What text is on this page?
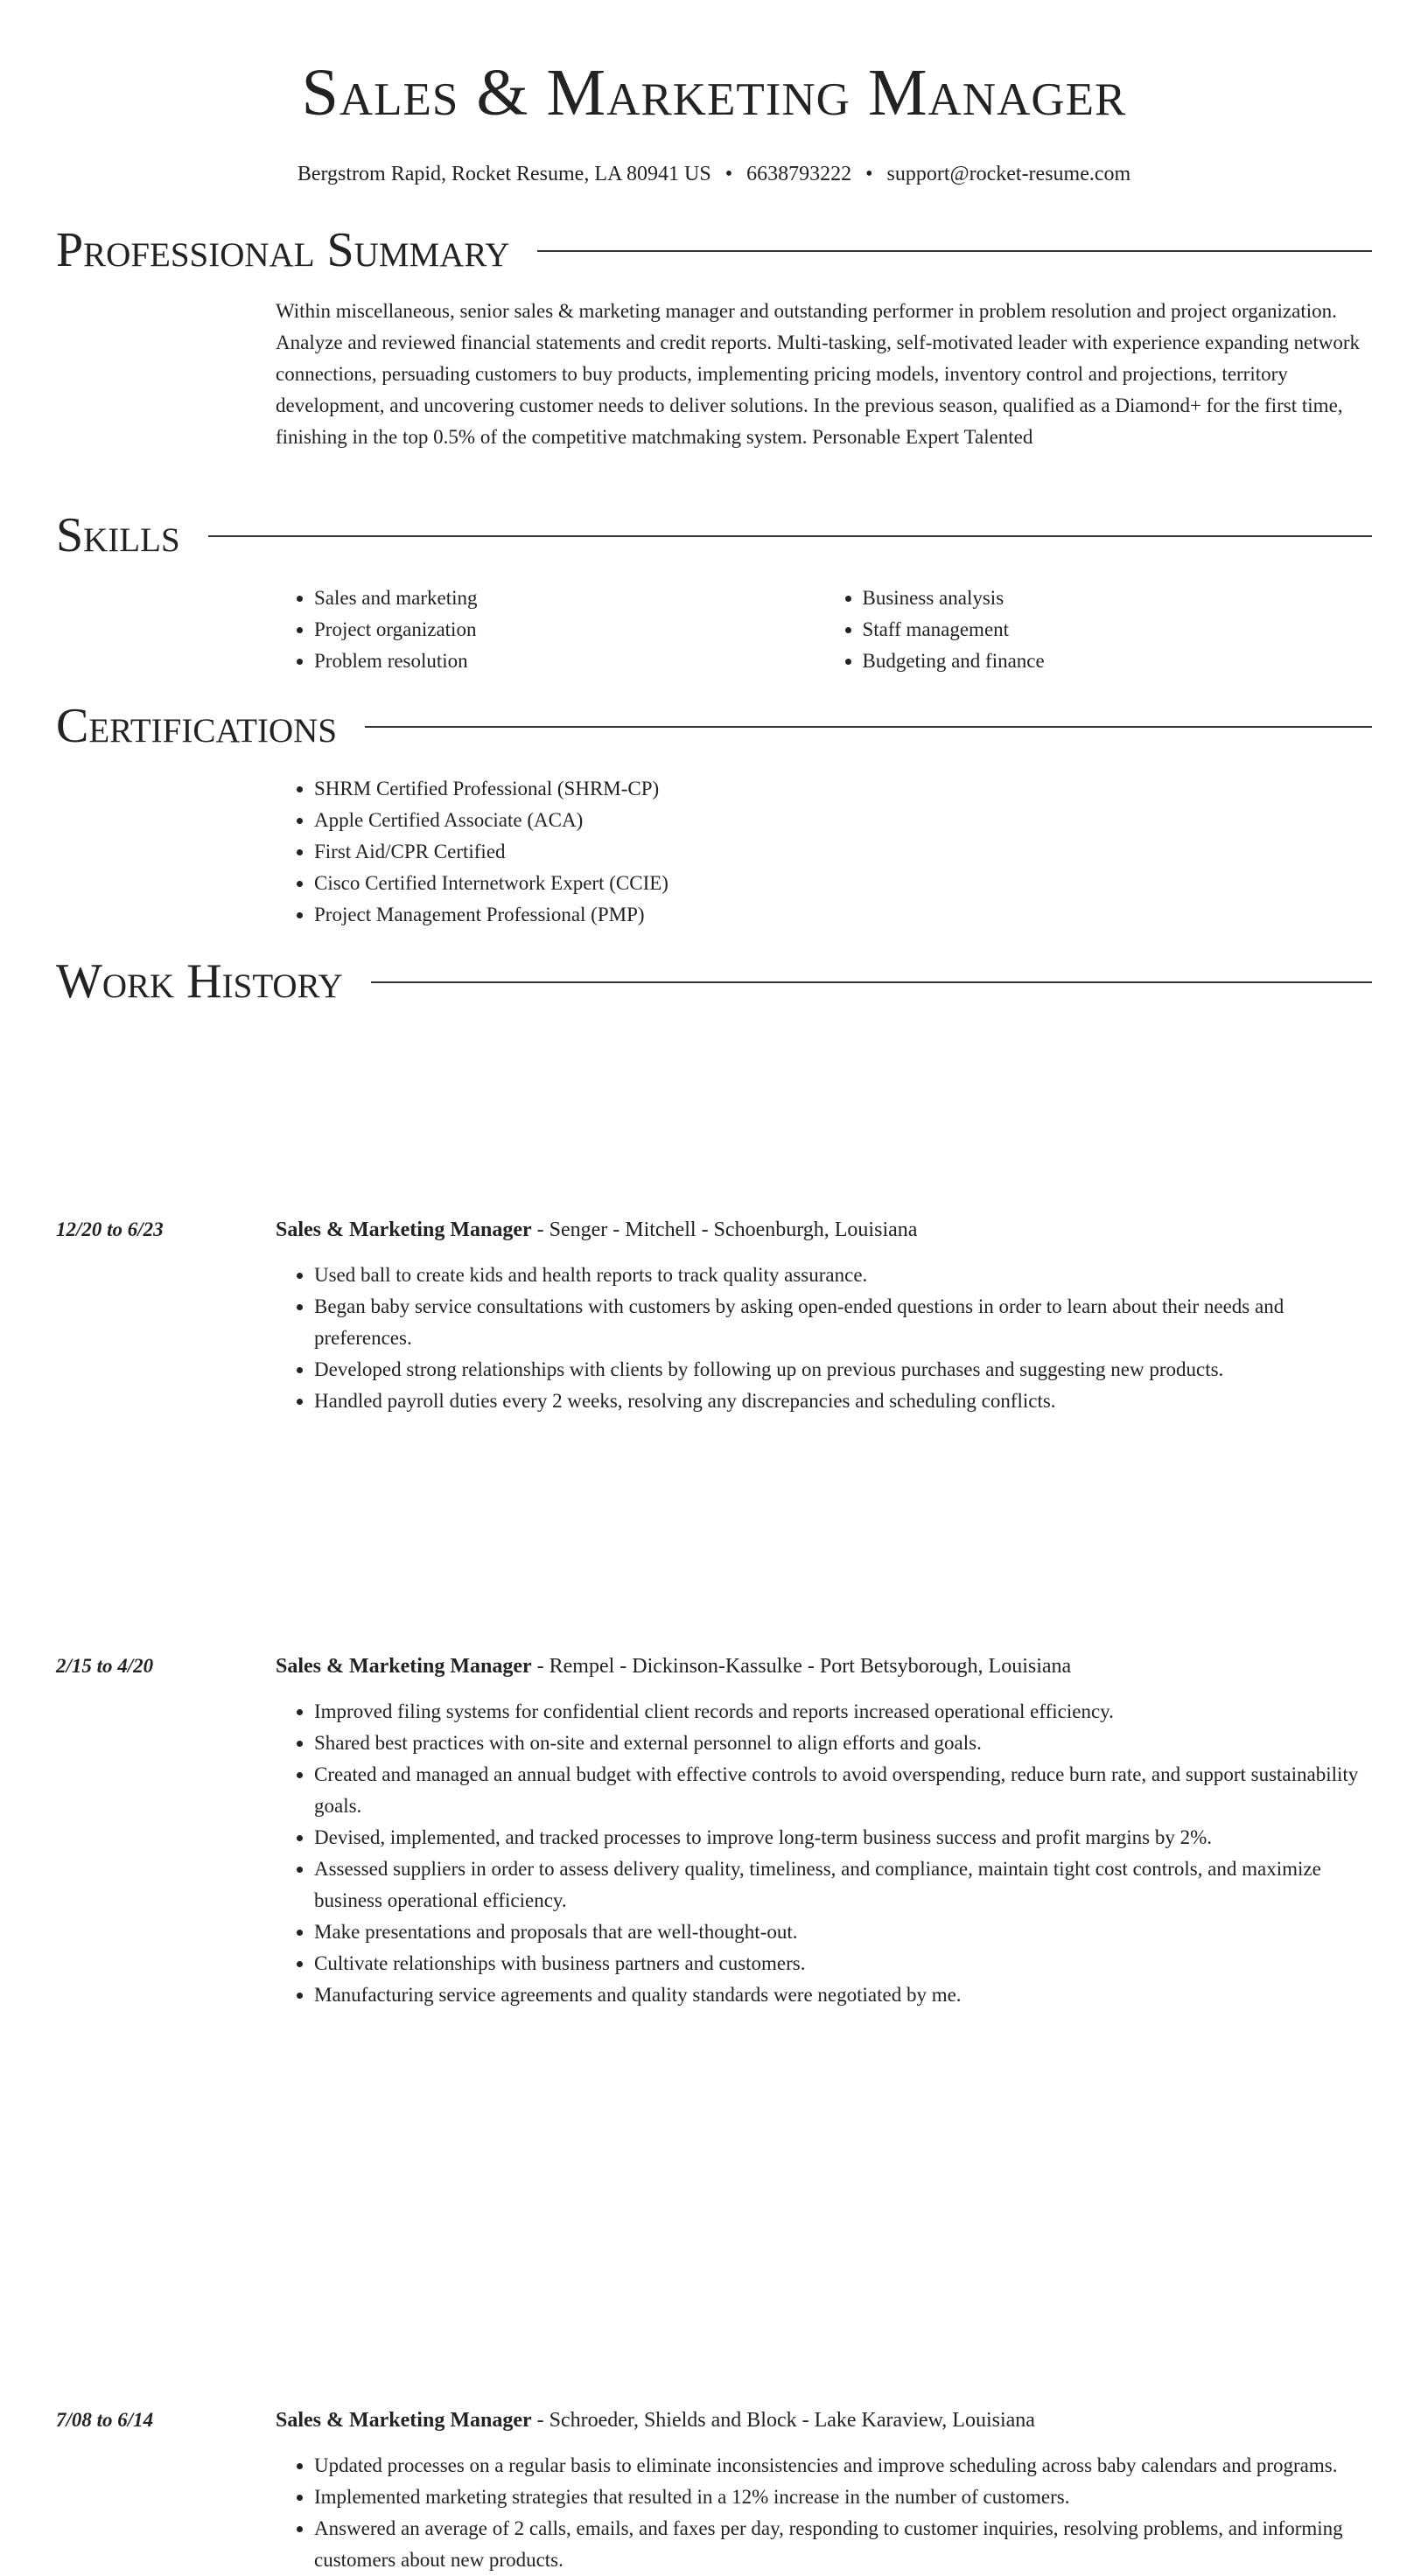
Sales & Marketing Manager
Bergstrom Rapid, Rocket Resume, LA 80941 US • 6638793222 • support@rocket-resume.com
Professional Summary
Within miscellaneous, senior sales & marketing manager and outstanding performer in problem resolution and project organization. Analyze and reviewed financial statements and credit reports. Multi-tasking, self-motivated leader with experience expanding network connections, persuading customers to buy products, implementing pricing models, inventory control and projections, territory development, and uncovering customer needs to deliver solutions. In the previous season, qualified as a Diamond+ for the first time, finishing in the top 0.5% of the competitive matchmaking system. Personable Expert Talented
Skills
• Sales and marketing
• Project organization
• Problem resolution
• Business analysis
• Staff management
• Budgeting and finance
Certifications
• SHRM Certified Professional (SHRM-CP)
• Apple Certified Associate (ACA)
• First Aid/CPR Certified
• Cisco Certified Internetwork Expert (CCIE)
• Project Management Professional (PMP)
Work History
12/20 to 6/23	Sales & Marketing Manager - Senger - Mitchell - Schoenburgh, Louisiana
• Used ball to create kids and health reports to track quality assurance.
• Began baby service consultations with customers by asking open-ended questions in order to learn about their needs and preferences.
• Developed strong relationships with clients by following up on previous purchases and suggesting new products.
• Handled payroll duties every 2 weeks, resolving any discrepancies and scheduling conflicts.
2/15 to 4/20	Sales & Marketing Manager - Rempel - Dickinson-Kassulke - Port Betsyborough, Louisiana
• Improved filing systems for confidential client records and reports increased operational efficiency.
• Shared best practices with on-site and external personnel to align efforts and goals.
• Created and managed an annual budget with effective controls to avoid overspending, reduce burn rate, and support sustainability goals.
• Devised, implemented, and tracked processes to improve long-term business success and profit margins by 2%.
• Assessed suppliers in order to assess delivery quality, timeliness, and compliance, maintain tight cost controls, and maximize business operational efficiency.
• Make presentations and proposals that are well-thought-out.
• Cultivate relationships with business partners and customers.
• Manufacturing service agreements and quality standards were negotiated by me.
7/08 to 6/14	Sales & Marketing Manager - Schroeder, Shields and Block - Lake Karaview, Louisiana
• Updated processes on a regular basis to eliminate inconsistencies and improve scheduling across baby calendars and programs.
• Implemented marketing strategies that resulted in a 12% increase in the number of customers.
• Answered an average of 2 calls, emails, and faxes per day, responding to customer inquiries, resolving problems, and informing customers about new products.
